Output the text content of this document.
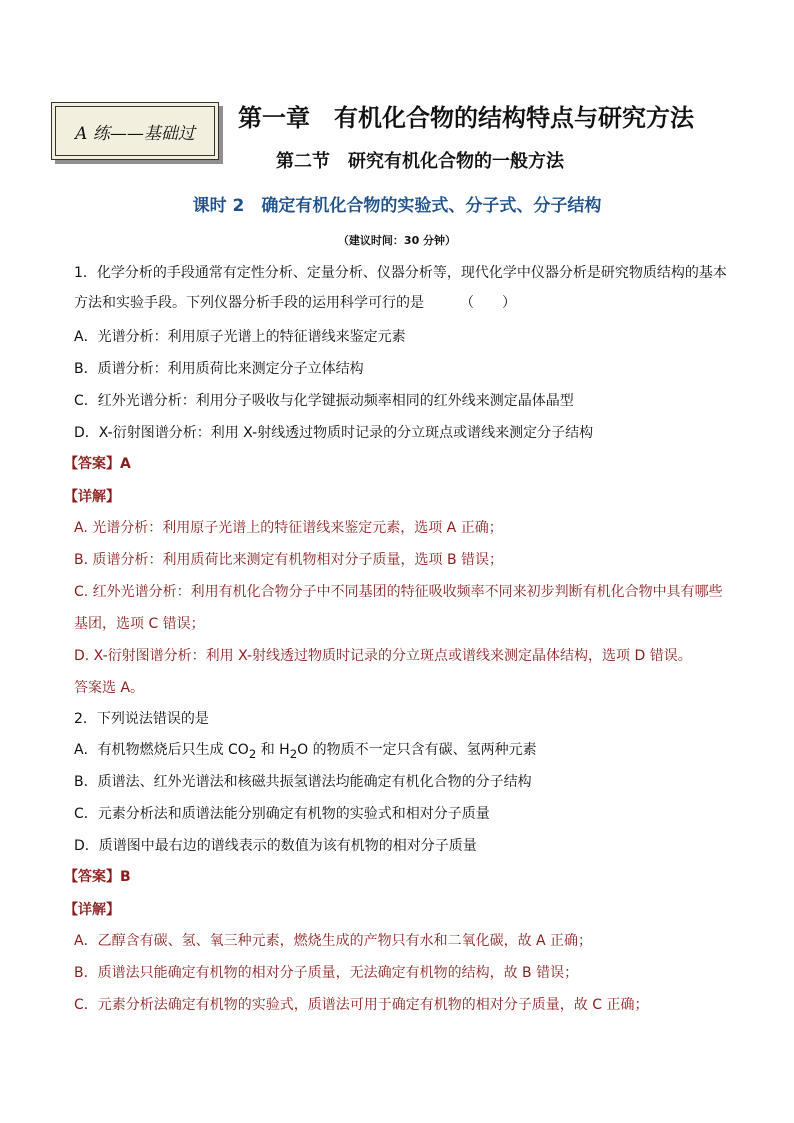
A 练——基础过
第一章　有机化合物的结构特点与研究方法
第二节　研究有机化合物的一般方法
课时 2　确定有机化合物的实验式、分子式、分子结构
（建议时间：30 分钟）
1．化学分析的手段通常有定性分析、定量分析、仪器分析等，现代化学中仪器分析是研究物质结构的基本
方法和实验手段。下列仪器分析手段的运用科学可行的是	（　　）
A．光谱分析：利用原子光谱上的特征谱线来鉴定元素
B．质谱分析：利用质荷比来测定分子立体结构
C．红外光谱分析：利用分子吸收与化学键振动频率相同的红外线来测定晶体晶型
D．X-衍射图谱分析：利用 X-射线透过物质时记录的分立斑点或谱线来测定分子结构
【答案】A
【详解】
A. 光谱分析：利用原子光谱上的特征谱线来鉴定元素，选项 A 正确；
B. 质谱分析：利用质荷比来测定有机物相对分子质量，选项 B 错误；
C. 红外光谱分析：利用有机化合物分子中不同基团的特征吸收频率不同来初步判断有机化合物中具有哪些
基团，选项 C 错误；
D. X-衍射图谱分析：利用 X-射线透过物质时记录的分立斑点或谱线来测定晶体结构，选项 D 错误。
答案选 A。
2．下列说法错误的是
A．有机物燃烧后只生成 $CO_2$ 和 $H_2O$ 的物质不一定只含有碳、氢两种元素
B．质谱法、红外光谱法和核磁共振氢谱法均能确定有机化合物的分子结构
C．元素分析法和质谱法能分别确定有机物的实验式和相对分子质量
D．质谱图中最右边的谱线表示的数值为该有机物的相对分子质量
【答案】B
【详解】
A．乙醇含有碳、氢、氧三种元素，燃烧生成的产物只有水和二氧化碳，故 A 正确；
B．质谱法只能确定有机物的相对分子质量，无法确定有机物的结构，故 B 错误；
C．元素分析法确定有机物的实验式，质谱法可用于确定有机物的相对分子质量，故 C 正确；
